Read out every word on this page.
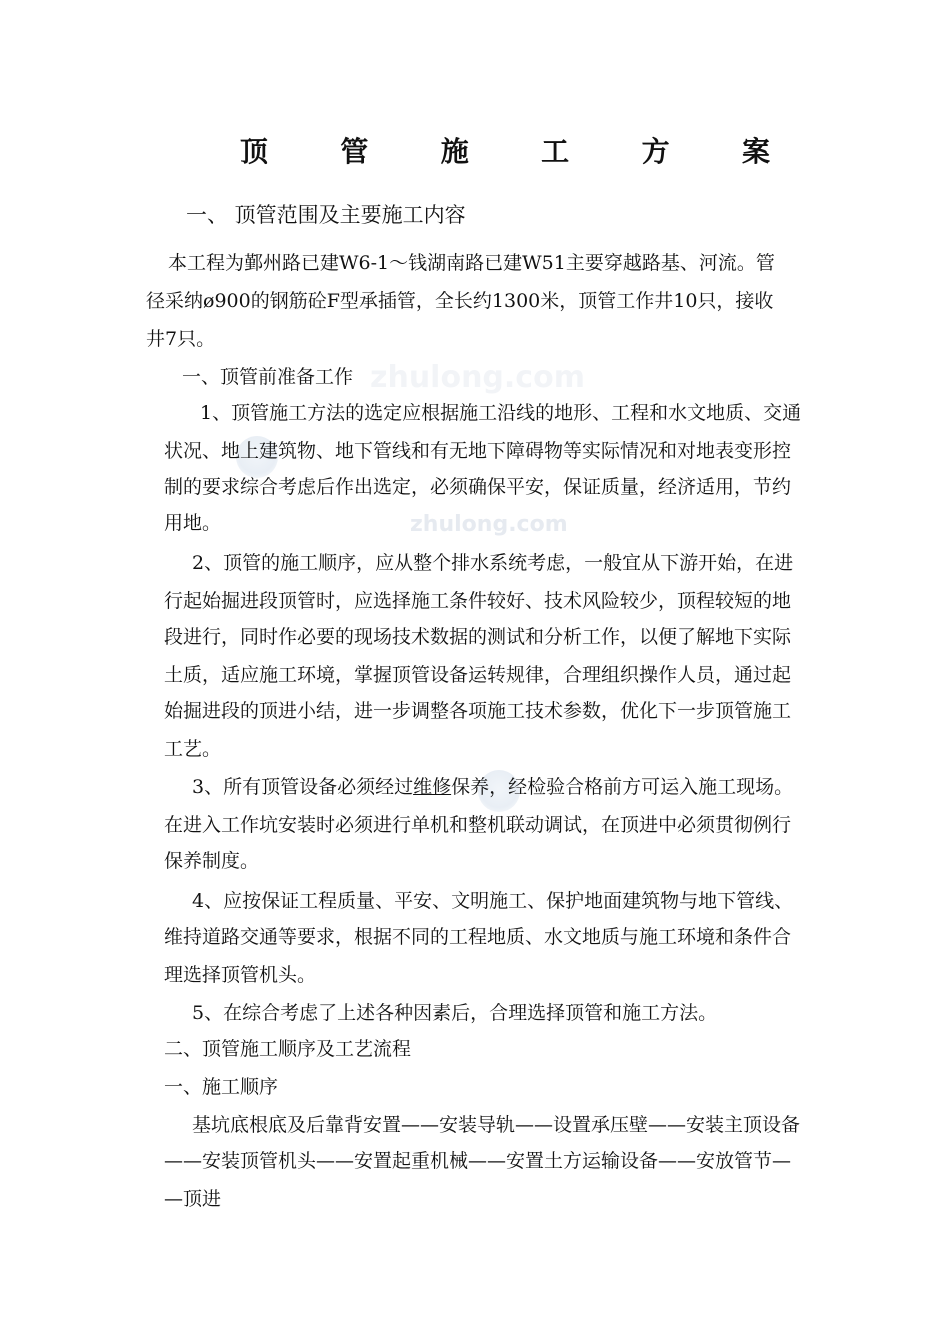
zhulong.com
zhulong.com
顶	管	施	工	方	案
一、 顶管范围及主要施工内容
本工程为鄞州路已建W6-1～钱湖南路已建W51主要穿越路基、河流。管
径采纳ø900的钢筋砼F型承插管，全长约1300米，顶管工作井10只，接收
井7只。
一、顶管前准备工作
1、顶管施工方法的选定应根据施工沿线的地形、工程和水文地质、交通
状况、地上建筑物、地下管线和有无地下障碍物等实际情况和对地表变形控
制的要求综合考虑后作出选定，必须确保平安，保证质量，经济适用，节约
用地。
2、顶管的施工顺序，应从整个排水系统考虑，一般宜从下游开始，在进
行起始掘进段顶管时，应选择施工条件较好、技术风险较少，顶程较短的地
段进行，同时作必要的现场技术数据的测试和分析工作，以便了解地下实际
土质，适应施工环境，掌握顶管设备运转规律，合理组织操作人员，通过起
始掘进段的顶进小结，进一步调整各项施工技术参数，优化下一步顶管施工
工艺。
3、所有顶管设备必须经过维修保养，经检验合格前方可运入施工现场。
在进入工作坑安装时必须进行单机和整机联动调试，在顶进中必须贯彻例行
保养制度。
4、应按保证工程质量、平安、文明施工、保护地面建筑物与地下管线、
维持道路交通等要求，根据不同的工程地质、水文地质与施工环境和条件合
理选择顶管机头。
5、在综合考虑了上述各种因素后，合理选择顶管和施工方法。
二、顶管施工顺序及工艺流程
一、施工顺序
基坑底根底及后靠背安置——安装导轨——设置承压壁——安装主顶设备
——安装顶管机头——安置起重机械——安置土方运输设备——安放管节—
—顶进
